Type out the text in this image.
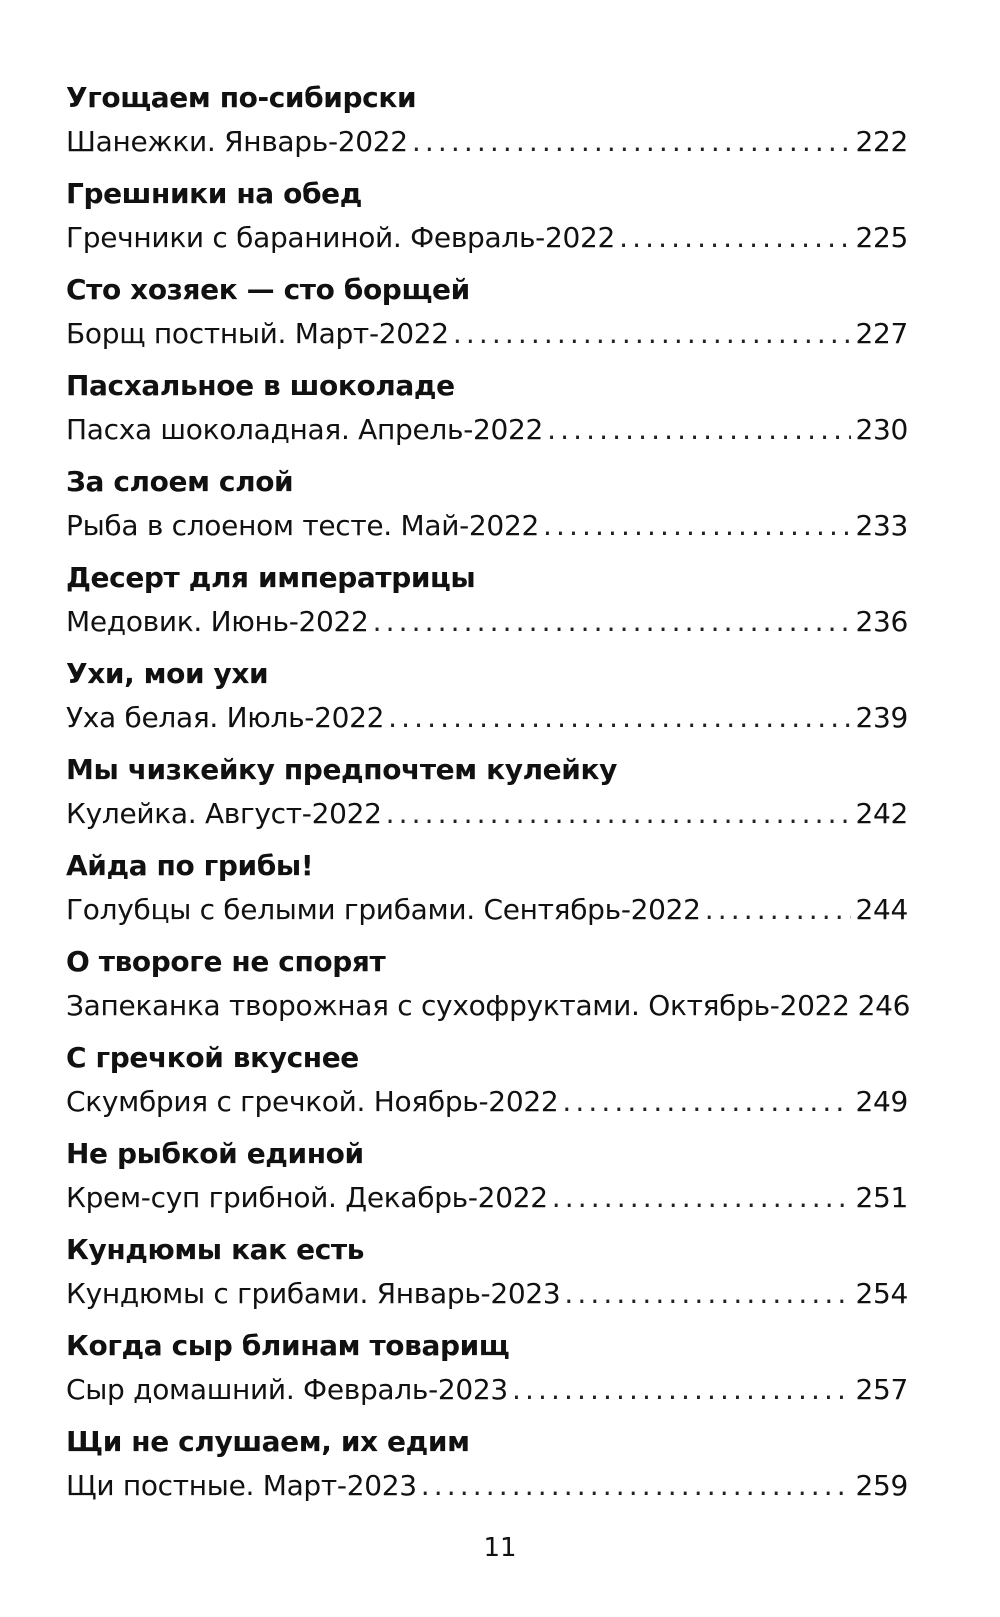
Угощаем по-сибирски
Шанежки. Январь-2022 . . .	222
Грешники на обед
Гречники с бараниной. Февраль-2022 . . .	225
Сто хозяек — сто борщей
Борщ постный. Март-2022 . . .	227
Пасхальное в шоколаде
Пасха шоколадная. Апрель-2022 . . .	230
За слоем слой
Рыба в слоеном тесте. Май-2022 . . .	233
Десерт для императрицы
Медовик. Июнь-2022 . . .	236
Ухи, мои ухи
Уха белая. Июль-2022 . . .	239
Мы чизкейку предпочтем кулейку
Кулейка. Август-2022 . . .	242
Айда по грибы!
Голубцы с белыми грибами. Сентябрь-2022 . . .	244
О твороге не спорят
Запеканка творожная с сухофруктами. Октябрь-2022 246
С гречкой вкуснее
Скумбрия с гречкой. Ноябрь-2022 . . .	249
Не рыбкой единой
Крем-суп грибной. Декабрь-2022 . . .	251
Кундюмы как есть
Кундюмы с грибами. Январь-2023 . . .	254
Когда сыр блинам товарищ
Сыр домашний. Февраль-2023 . . .	257
Щи не слушаем, их едим
Щи постные. Март-2023 . . .	259
11
